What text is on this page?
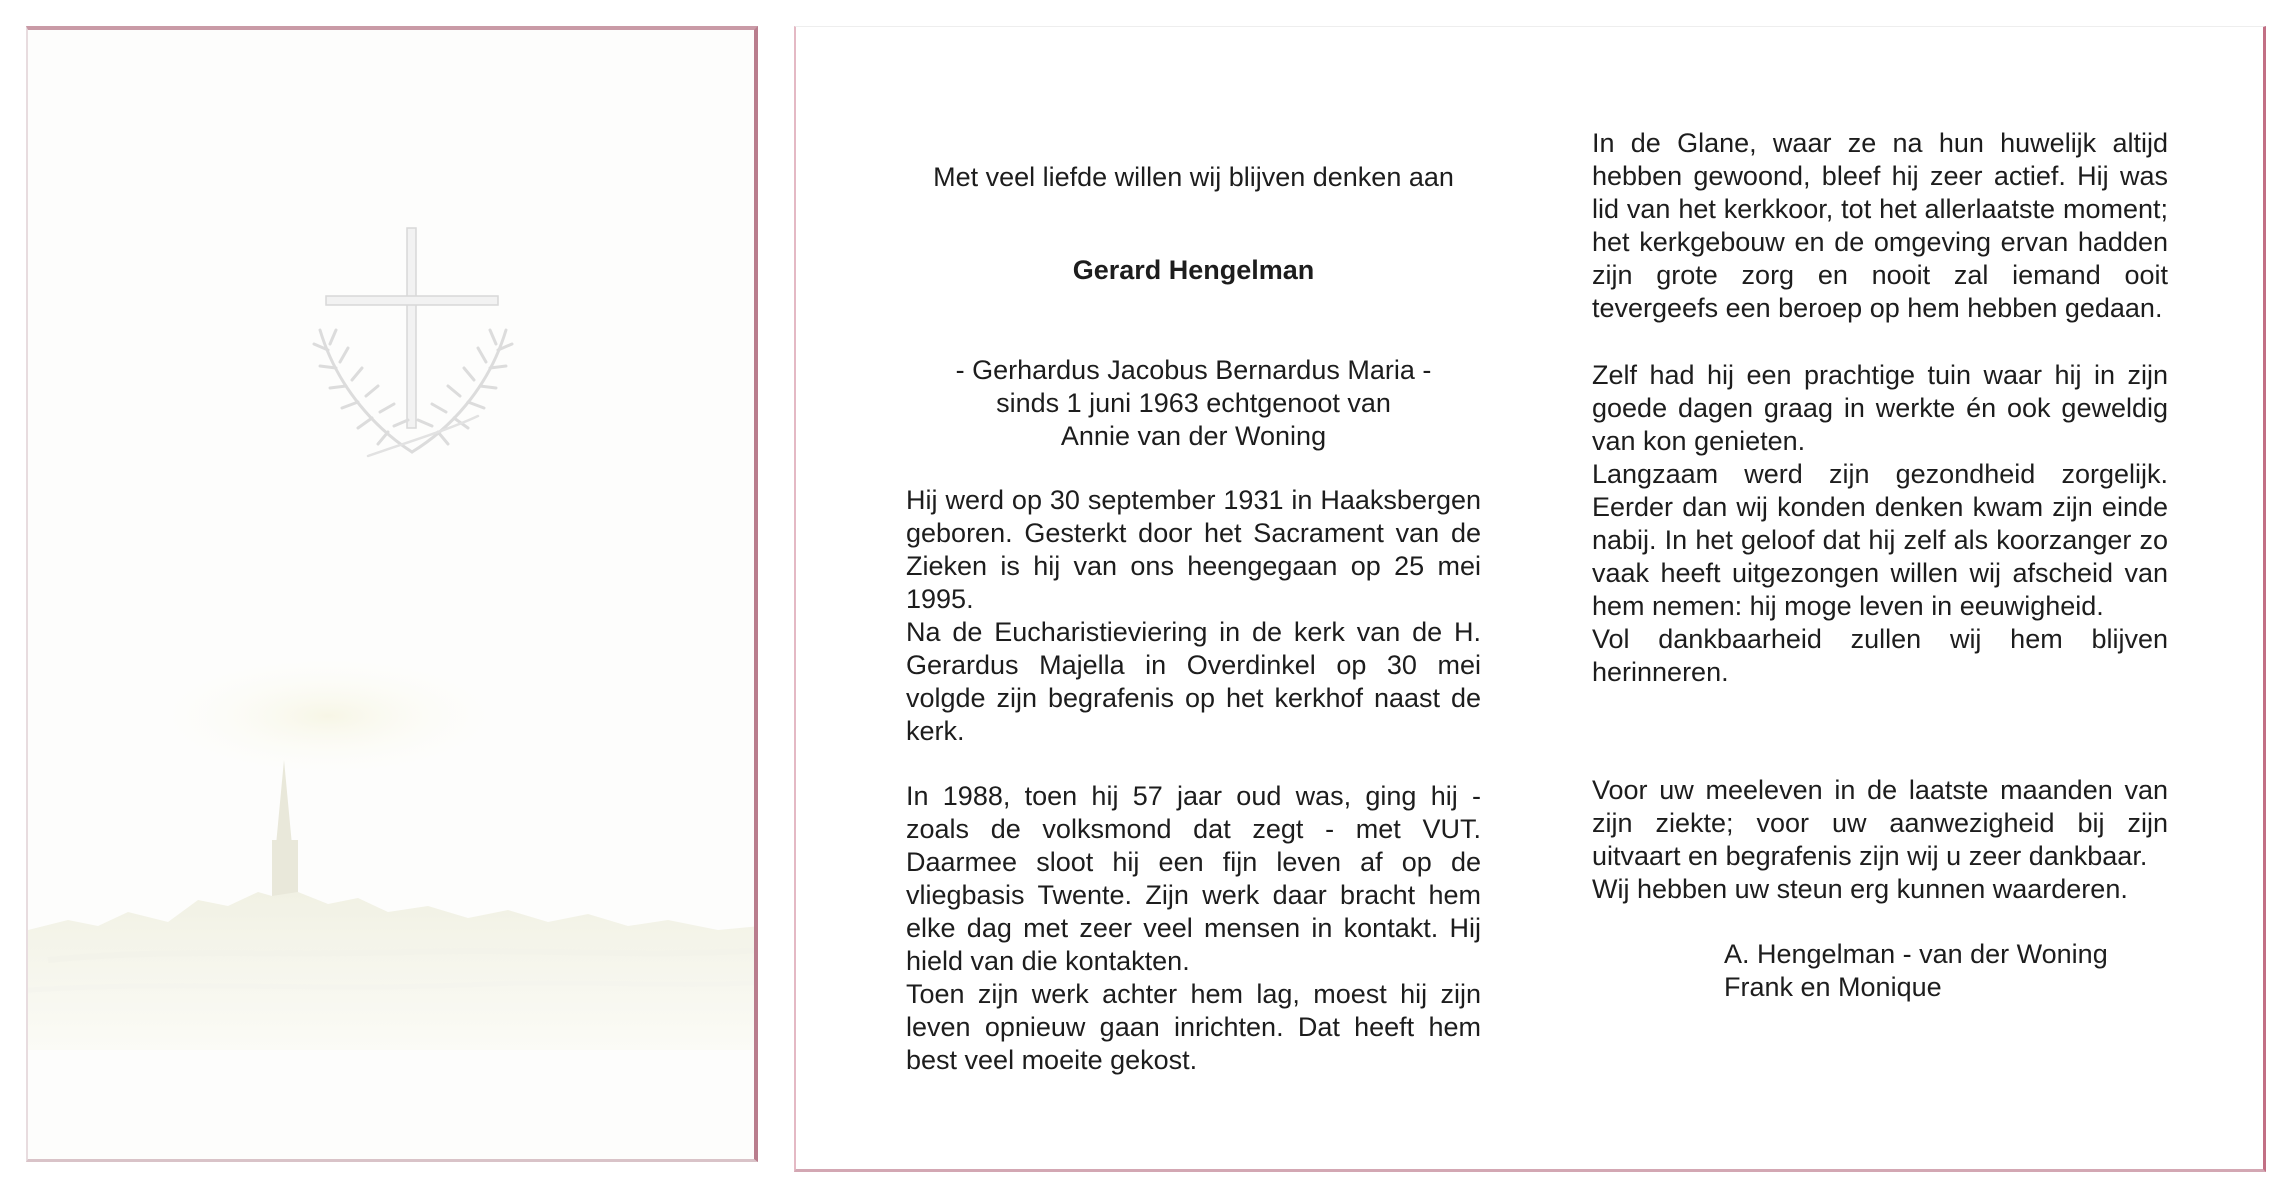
Met veel liefde willen wij blijven denken aan
Gerard Hengelman
- Gerhardus Jacobus Bernardus Maria -
sinds 1 juni 1963 echtgenoot van
Annie van der Woning

Hij werd op 30 september 1931 in Haaksbergen geboren. Gesterkt door het Sacrament van de Zieken is hij van ons heengegaan op 25 mei 1995.

Na de Eucharistieviering in de kerk van de H. Gerardus Majella in Overdinkel op 30 mei volgde zijn begrafenis op het kerkhof naast de kerk.

In 1988, toen hij 57 jaar oud was, ging hij - zoals de volksmond dat zegt - met VUT. Daarmee sloot hij een fijn leven af op de vliegbasis Twente. Zijn werk daar bracht hem elke dag met zeer veel mensen in kontakt. Hij hield van die kontakten.

Toen zijn werk achter hem lag, moest hij zijn leven opnieuw gaan inrichten. Dat heeft hem best veel moeite gekost.

In de Glane, waar ze na hun huwelijk altijd hebben gewoond, bleef hij zeer actief. Hij was lid van het kerkkoor, tot het allerlaatste moment; het kerkgebouw en de omgeving ervan hadden zijn grote zorg en nooit zal iemand ooit tevergeefs een beroep op hem hebben gedaan.

Zelf had hij een prachtige tuin waar hij in zijn goede dagen graag in werkte én ook geweldig van kon genieten.

Langzaam werd zijn gezondheid zorgelijk. Eerder dan wij konden denken kwam zijn einde nabij. In het geloof dat hij zelf als koorzanger zo vaak heeft uitgezongen willen wij afscheid van hem nemen: hij moge leven in eeuwigheid.

Vol dankbaarheid zullen wij hem blijven herinneren.

Voor uw meeleven in de laatste maanden van zijn ziekte; voor uw aanwezigheid bij zijn uitvaart en begrafenis zijn wij u zeer dankbaar.

Wij hebben uw steun erg kunnen waarderen.

A. Hengelman - van der Woning
Frank en Monique
